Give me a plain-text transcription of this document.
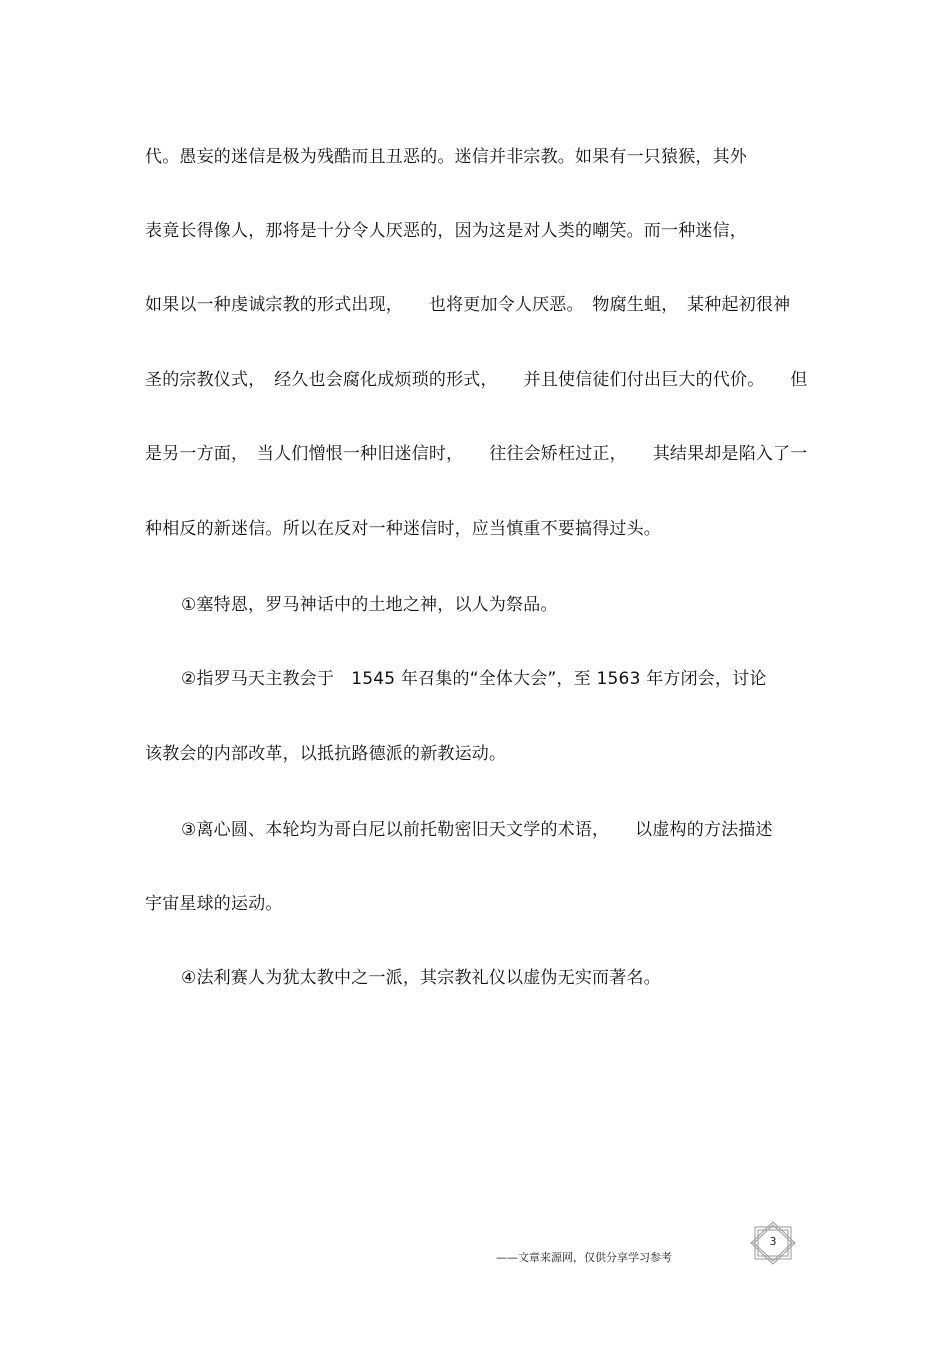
代。愚妄的迷信是极为残酷而且丑恶的。迷信并非宗教。如果有一只猿猴，其外
表竟长得像人，那将是十分令人厌恶的，因为这是对人类的嘲笑。而一种迷信，
如果以一种虔诚宗教的形式出现，　　也将更加令人厌恶。　物腐生蛆，　某种起初很神
圣的宗教仪式，　经久也会腐化成烦琐的形式，　　并且使信徒们付出巨大的代价。　　但
是另一方面，　当人们憎恨一种旧迷信时，　　往往会矫枉过正，　　其结果却是陷入了一
种相反的新迷信。所以在反对一种迷信时，应当慎重不要搞得过头。
①塞特恩，罗马神话中的土地之神，以人为祭品。
②指罗马天主教会于　1545 年召集的“全体大会”，至 1563 年方闭会，讨论
该教会的内部改革，以抵抗路德派的新教运动。
③离心圆、本轮均为哥白尼以前托勒密旧天文学的术语，　　以虚构的方法描述
宇宙星球的运动。
④法利赛人为犹太教中之一派，其宗教礼仪以虚伪无实而著名。
——文章来源网，仅供分享学习参考
3
